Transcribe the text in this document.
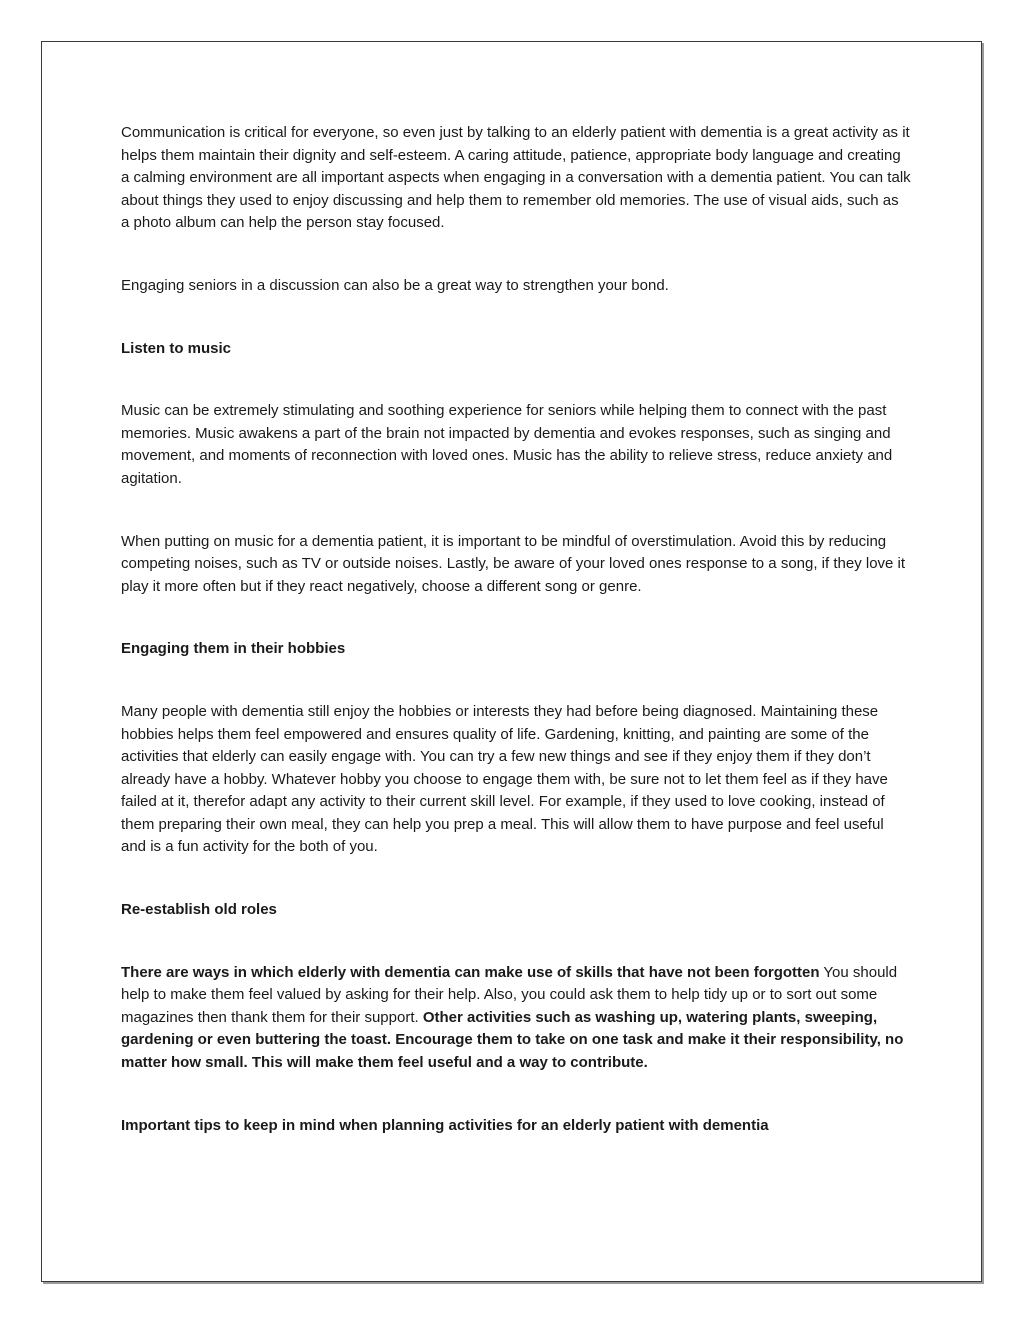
Communication is critical for everyone, so even just by talking to an elderly patient with dementia is a great activity as it helps them maintain their dignity and self-esteem. A caring attitude, patience, appropriate body language and creating a calming environment are all important aspects when engaging in a conversation with a dementia patient. You can talk about things they used to enjoy discussing and help them to remember old memories. The use of visual aids, such as a photo album can help the person stay focused.

Engaging seniors in a discussion can also be a great way to strengthen your bond.

Listen to music

Music can be extremely stimulating and soothing experience for seniors while helping them to connect with the past memories. Music awakens a part of the brain not impacted by dementia and evokes responses, such as singing and movement, and moments of reconnection with loved ones. Music has the ability to relieve stress, reduce anxiety and agitation.

When putting on music for a dementia patient, it is important to be mindful of overstimulation. Avoid this by reducing competing noises, such as TV or outside noises. Lastly, be aware of your loved ones response to a song, if they love it play it more often but if they react negatively, choose a different song or genre.

Engaging them in their hobbies

Many people with dementia still enjoy the hobbies or interests they had before being diagnosed. Maintaining these hobbies helps them feel empowered and ensures quality of life. Gardening, knitting, and painting are some of the activities that elderly can easily engage with. You can try a few new things and see if they enjoy them if they don’t already have a hobby. Whatever hobby you choose to engage them with, be sure not to let them feel as if they have failed at it, therefor adapt any activity to their current skill level. For example, if they used to love cooking, instead of them preparing their own meal, they can help you prep a meal. This will allow them to have purpose and feel useful and is a fun activity for the both of you.

Re-establish old roles

There are ways in which elderly with dementia can make use of skills that have not been forgotten You should help to make them feel valued by asking for their help. Also, you could ask them to help tidy up or to sort out some magazines then thank them for their support. Other activities such as washing up, watering plants, sweeping, gardening or even buttering the toast. Encourage them to take on one task and make it their responsibility, no matter how small. This will make them feel useful and a way to contribute.

Important tips to keep in mind when planning activities for an elderly patient with dementia
